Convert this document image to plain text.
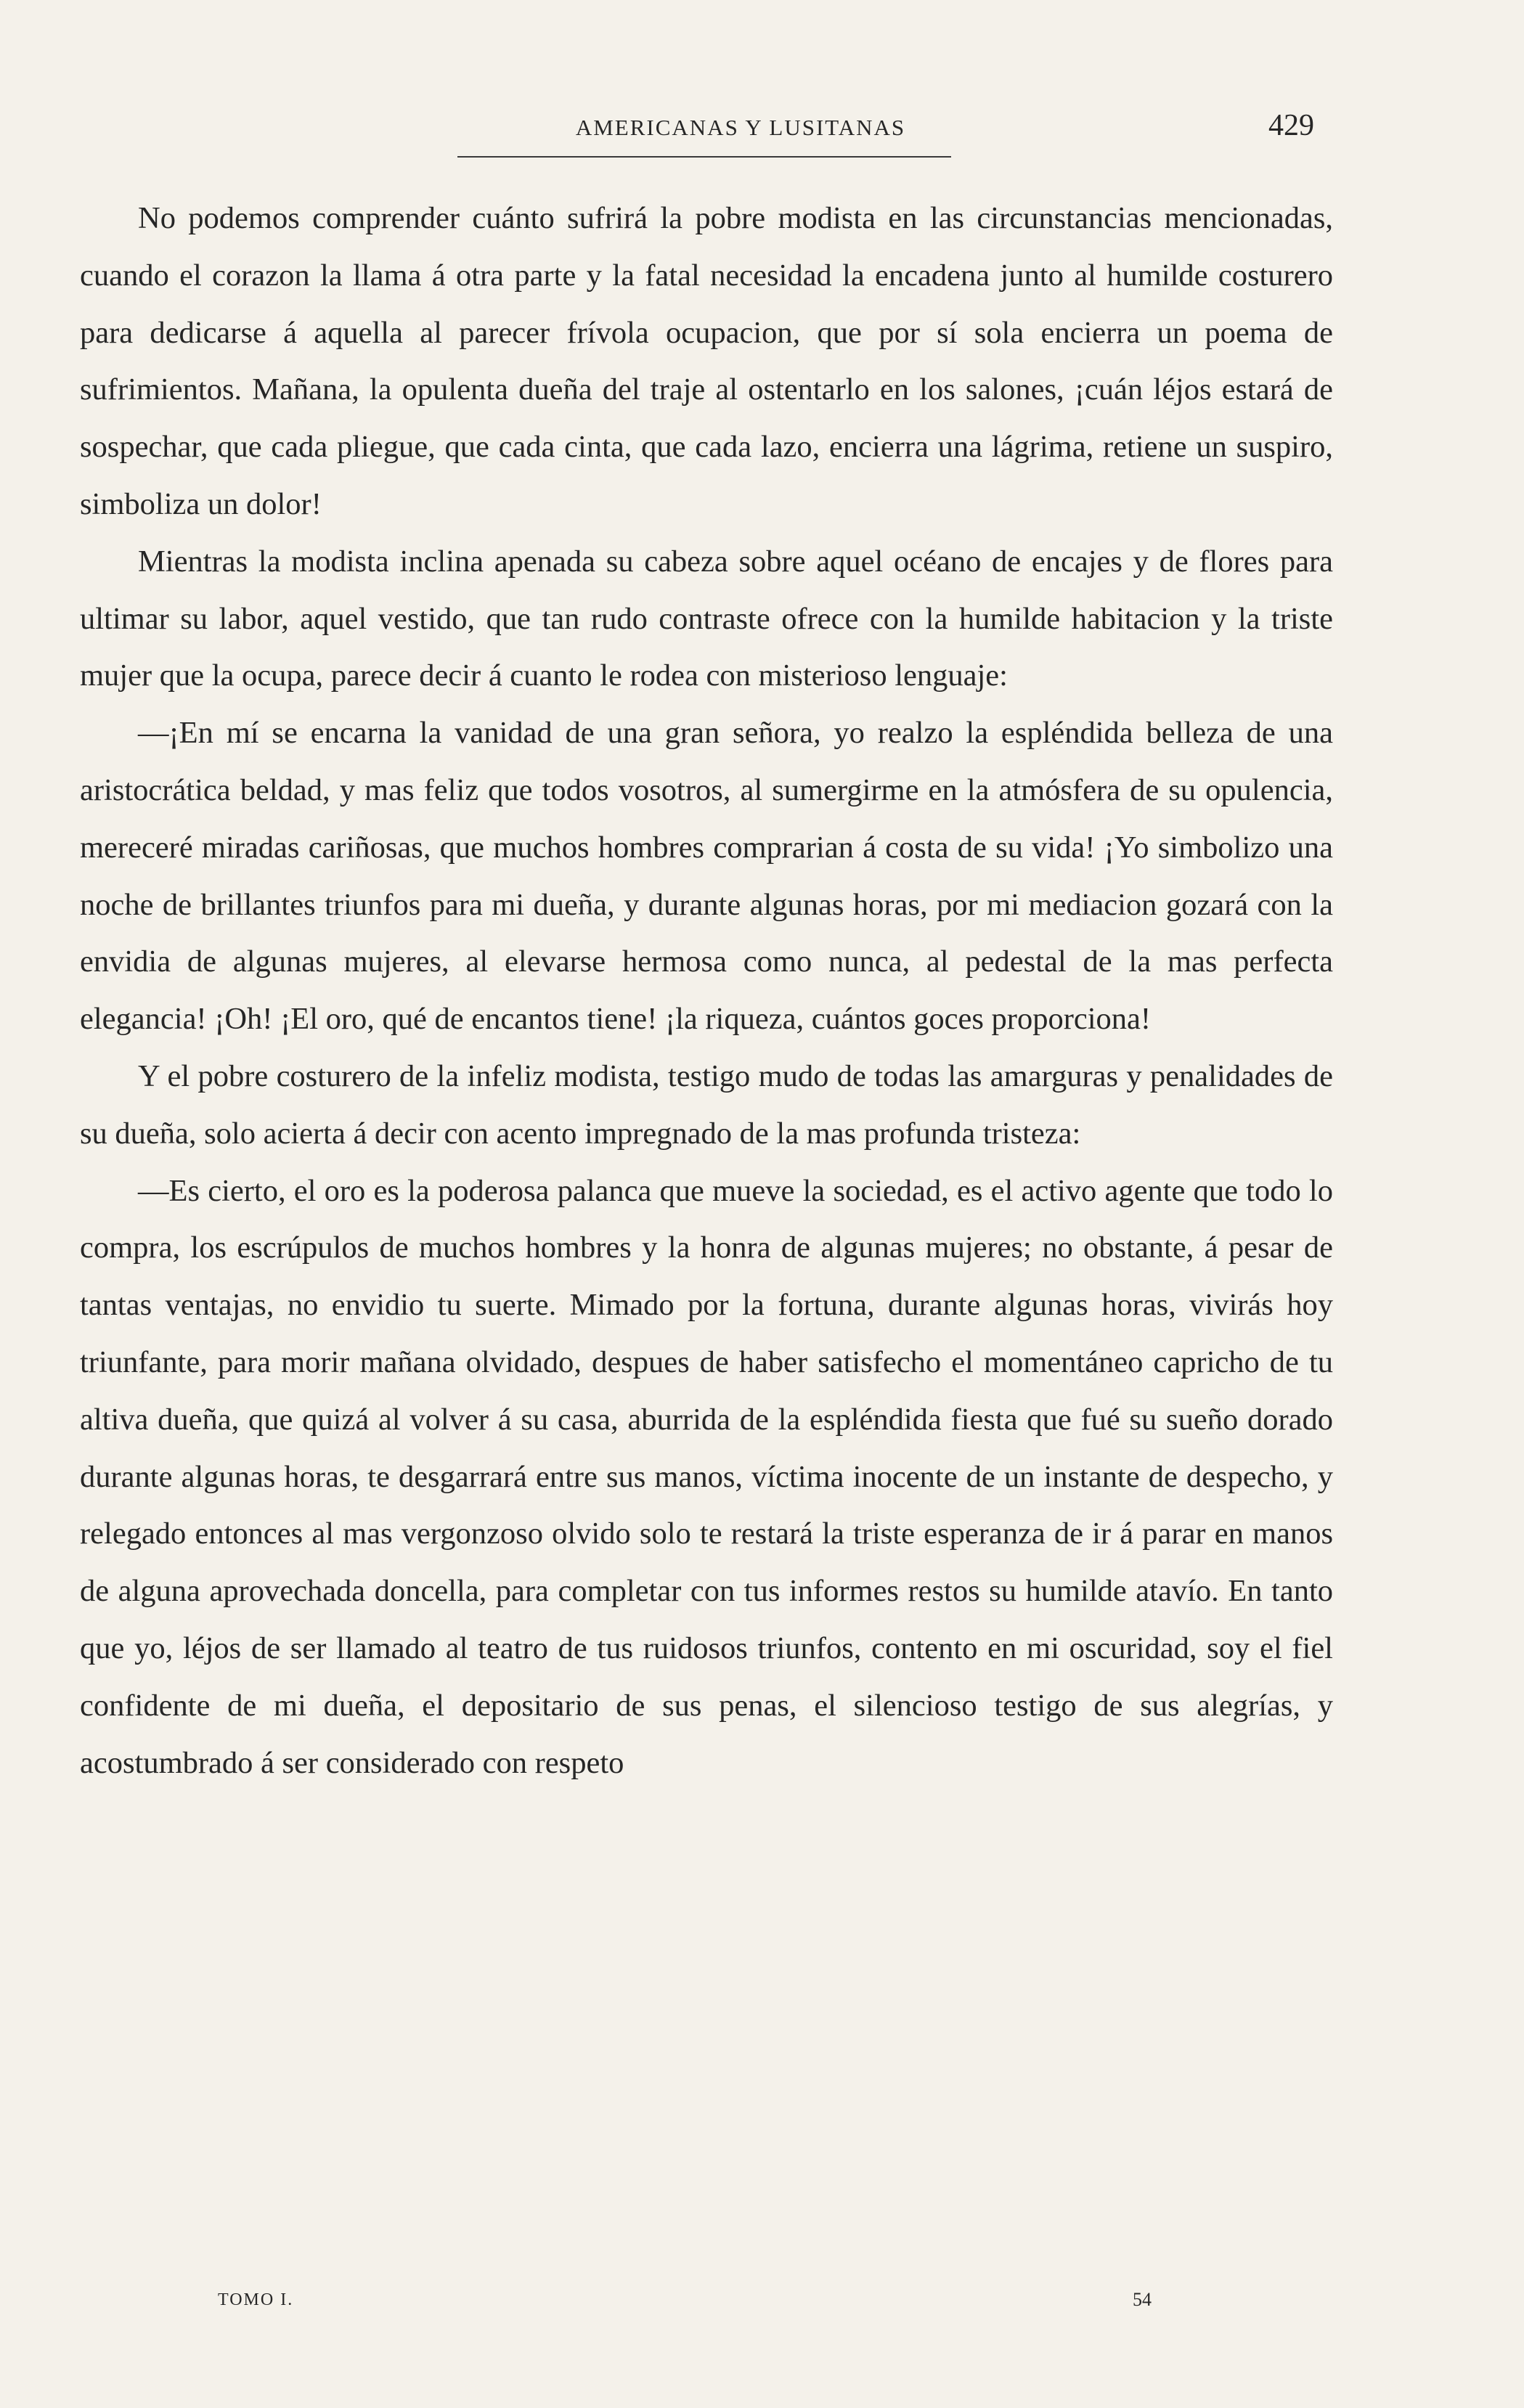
AMERICANAS Y LUSITANAS	429

No podemos comprender cuánto sufrirá la pobre modista en las circunstancias mencionadas, cuando el corazon la llama á otra parte y la fatal necesidad la encadena junto al humilde costurero para dedicarse á aquella al parecer frívola ocupacion, que por sí sola encierra un poema de sufrimientos. Mañana, la opulenta dueña del traje al ostentarlo en los salones, ¡cuán léjos estará de sospechar, que cada pliegue, que cada cinta, que cada lazo, encierra una lágrima, retiene un suspiro, simboliza un dolor!

Mientras la modista inclina apenada su cabeza sobre aquel océano de encajes y de flores para ultimar su labor, aquel vestido, que tan rudo contraste ofrece con la humilde habitacion y la triste mujer que la ocupa, parece decir á cuanto le rodea con misterioso lenguaje:

—¡En mí se encarna la vanidad de una gran señora, yo realzo la espléndida belleza de una aristocrática beldad, y mas feliz que todos vosotros, al sumergirme en la atmósfera de su opulencia, mereceré miradas cariñosas, que muchos hombres comprarian á costa de su vida! ¡Yo simbolizo una noche de brillantes triunfos para mi dueña, y durante algunas horas, por mi mediacion gozará con la envidia de algunas mujeres, al elevarse hermosa como nunca, al pedestal de la mas perfecta elegancia! ¡Oh! ¡El oro, qué de encantos tiene! ¡la riqueza, cuántos goces proporciona!

Y el pobre costurero de la infeliz modista, testigo mudo de todas las amarguras y penalidades de su dueña, solo acierta á decir con acento impregnado de la mas profunda tristeza:

—Es cierto, el oro es la poderosa palanca que mueve la sociedad, es el activo agente que todo lo compra, los escrúpulos de muchos hombres y la honra de algunas mujeres; no obstante, á pesar de tantas ventajas, no envidio tu suerte. Mimado por la fortuna, durante algunas horas, vivirás hoy triunfante, para morir mañana olvidado, despues de haber satisfecho el momentáneo capricho de tu altiva dueña, que quizá al volver á su casa, aburrida de la espléndida fiesta que fué su sueño dorado durante algunas horas, te desgarrará entre sus manos, víctima inocente de un instante de despecho, y relegado entonces al mas vergonzoso olvido solo te restará la triste esperanza de ir á parar en manos de alguna aprovechada doncella, para completar con tus informes restos su humilde atavío. En tanto que yo, léjos de ser llamado al teatro de tus ruidosos triunfos, contento en mi oscuridad, soy el fiel confidente de mi dueña, el depositario de sus penas, el silencioso testigo de sus alegrías, y acostumbrado á ser considerado con respeto

TOMO I.	54
